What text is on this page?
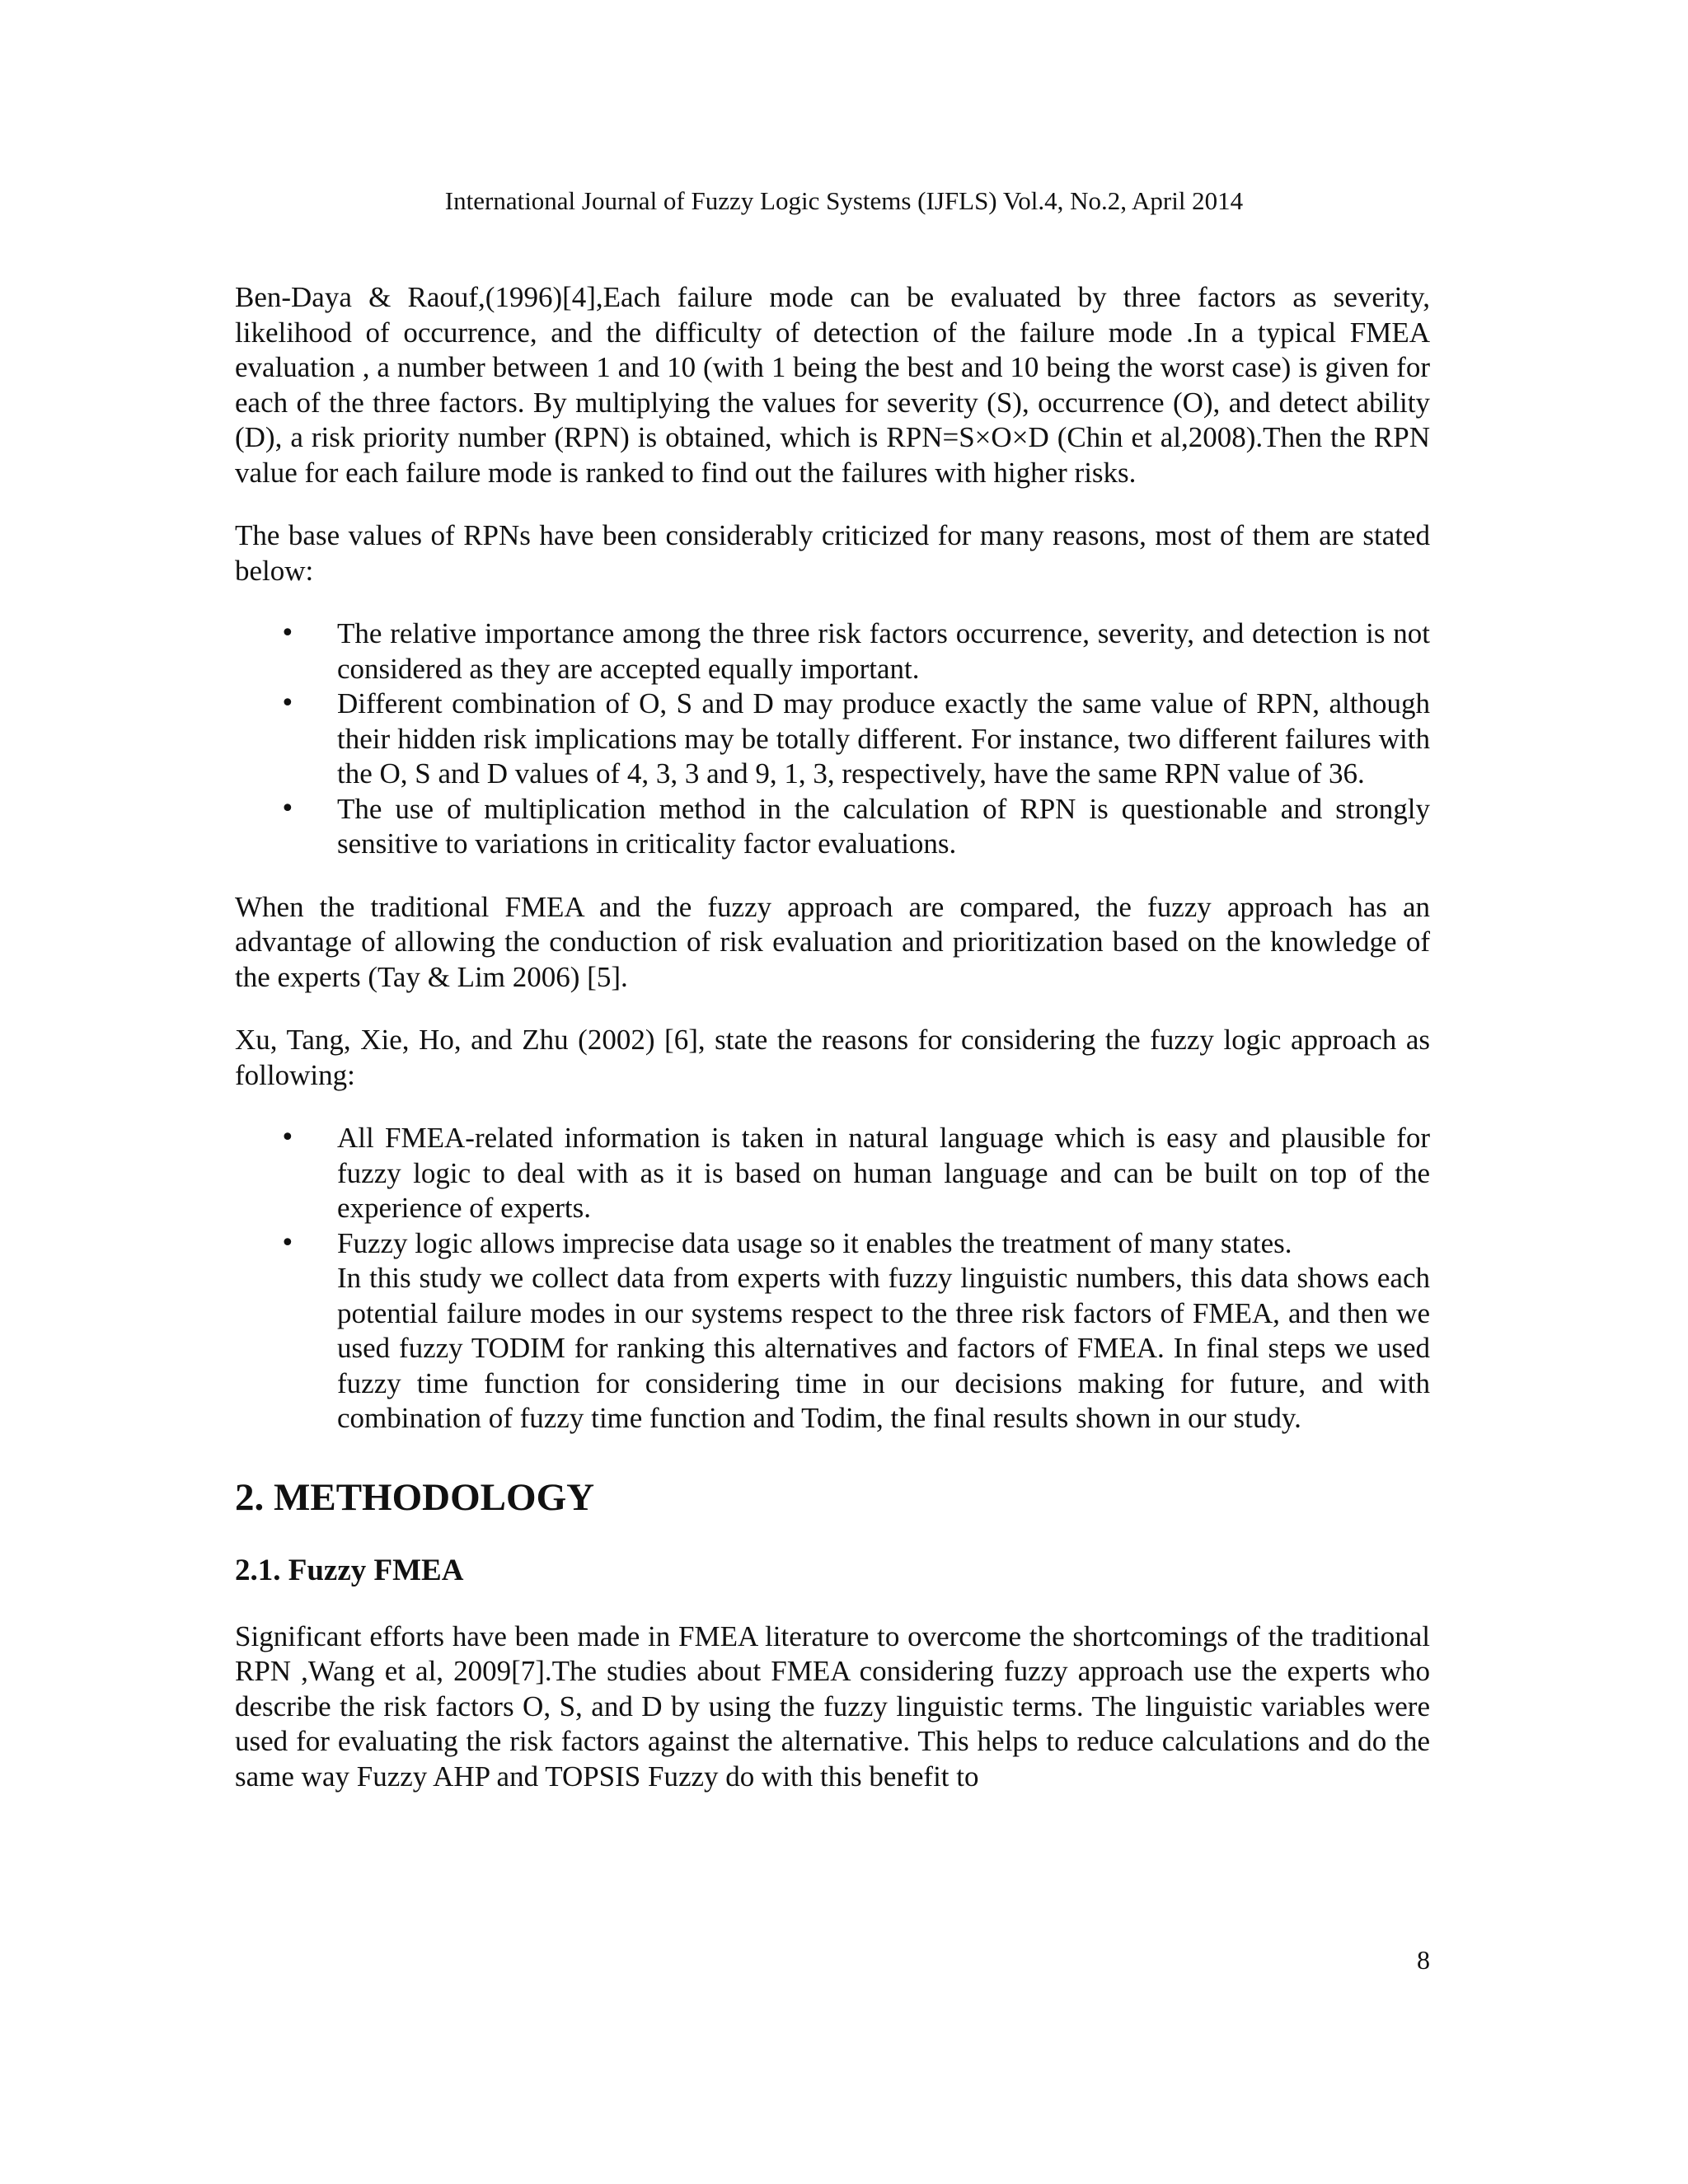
International Journal of Fuzzy Logic Systems (IJFLS) Vol.4, No.2, April 2014

Ben-Daya & Raouf,(1996)[4],Each failure mode can be evaluated by three factors as severity, likelihood of occurrence, and the difficulty of detection of the failure mode .In a typical FMEA evaluation , a number between 1 and 10 (with 1 being the best and 10 being the worst case) is given for each of the three factors. By multiplying the values for severity (S), occurrence (O), and detect ability (D), a risk priority number (RPN) is obtained, which is RPN=S×O×D (Chin et al,2008).Then the RPN value for each failure mode is ranked to find out the failures with higher risks.

The base values of RPNs have been considerably criticized for many reasons, most of them are stated below:

• The relative importance among the three risk factors occurrence, severity, and detection is not considered as they are accepted equally important.
• Different combination of O, S and D may produce exactly the same value of RPN, although their hidden risk implications may be totally different. For instance, two different failures with the O, S and D values of 4, 3, 3 and 9, 1, 3, respectively, have the same RPN value of 36.
• The use of multiplication method in the calculation of RPN is questionable and strongly sensitive to variations in criticality factor evaluations.

When the traditional FMEA and the fuzzy approach are compared, the fuzzy approach has an advantage of allowing the conduction of risk evaluation and prioritization based on the knowledge of the experts (Tay & Lim 2006) [5].

Xu, Tang, Xie, Ho, and Zhu (2002) [6], state the reasons for considering the fuzzy logic approach as following:

• All FMEA-related information is taken in natural language which is easy and plausible for fuzzy logic to deal with as it is based on human language and can be built on top of the experience of experts.
• Fuzzy logic allows imprecise data usage so it enables the treatment of many states.
In this study we collect data from experts with fuzzy linguistic numbers, this data shows each potential failure modes in our systems respect to the three risk factors of FMEA, and then we used fuzzy TODIM for ranking this alternatives and factors of FMEA. In final steps we used fuzzy time function for considering time in our decisions making for future, and with combination of fuzzy time function and Todim, the final results shown in our study.
2. METHODOLOGY
2.1. Fuzzy FMEA

Significant efforts have been made in FMEA literature to overcome the shortcomings of the traditional RPN ,Wang et al, 2009[7].The studies about FMEA considering fuzzy approach use the experts who describe the risk factors O, S, and D by using the fuzzy linguistic terms. The linguistic variables were used for evaluating the risk factors against the alternative. This helps to reduce calculations and do the same way Fuzzy AHP and TOPSIS Fuzzy do with this benefit to

8
